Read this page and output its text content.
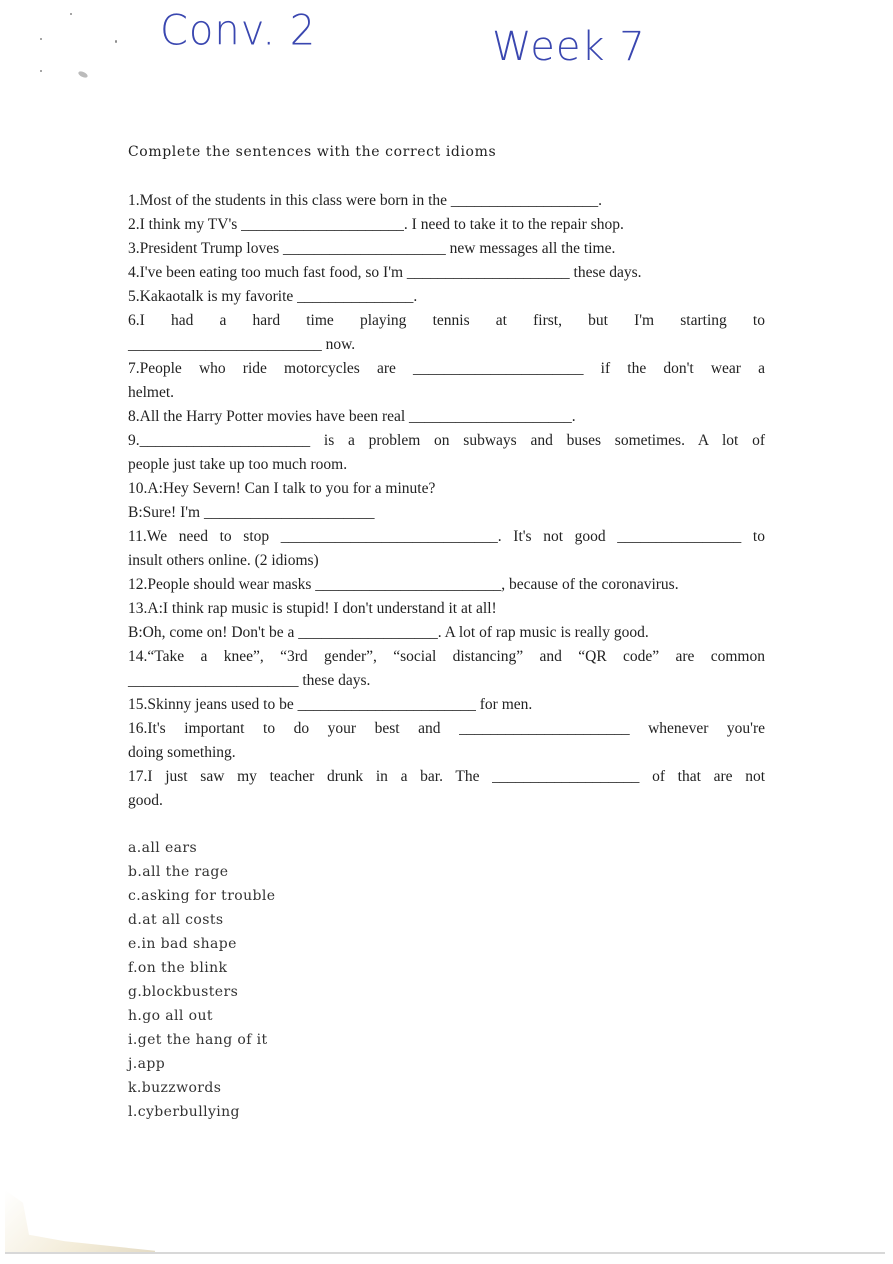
Conv. 2	Week 7
Complete the sentences with the correct idioms

1.Most of the students in this class were born in the ___________________.

2.I think my TV's _____________________. I need to take it to the repair shop.

3.President Trump loves _____________________ new messages all the time.

4.I've been eating too much fast food, so I'm _____________________ these days.

5.Kakaotalk is my favorite _______________.

6.I had a hard time playing tennis at first, but I'm starting to

_________________________ now.

7.People who ride motorcycles are ______________________ if the don't wear a

helmet.

8.All the Harry Potter movies have been real _____________________.

9.______________________ is a problem on subways and buses sometimes. A lot of

people just take up too much room.

10.A:Hey Severn! Can I talk to you for a minute?

B:Sure! I'm ______________________

11.We need to stop ____________________________. It's not good ________________ to

insult others online. (2 idioms)

12.People should wear masks ________________________, because of the coronavirus.

13.A:I think rap music is stupid! I don't understand it at all!

B:Oh, come on! Don't be a __________________. A lot of rap music is really good.

14.“Take a knee”, “3rd gender”, “social distancing” and “QR code” are common

______________________ these days.

15.Skinny jeans used to be _______________________ for men.

16.It's important to do your best and ______________________ whenever you're

doing something.

17.I just saw my teacher drunk in a bar. The ___________________ of that are not

good.

a.all ears

b.all the rage

c.asking for trouble

d.at all costs

e.in bad shape

f.on the blink

g.blockbusters

h.go all out

i.get the hang of it

j.app

k.buzzwords

l.cyberbullying
